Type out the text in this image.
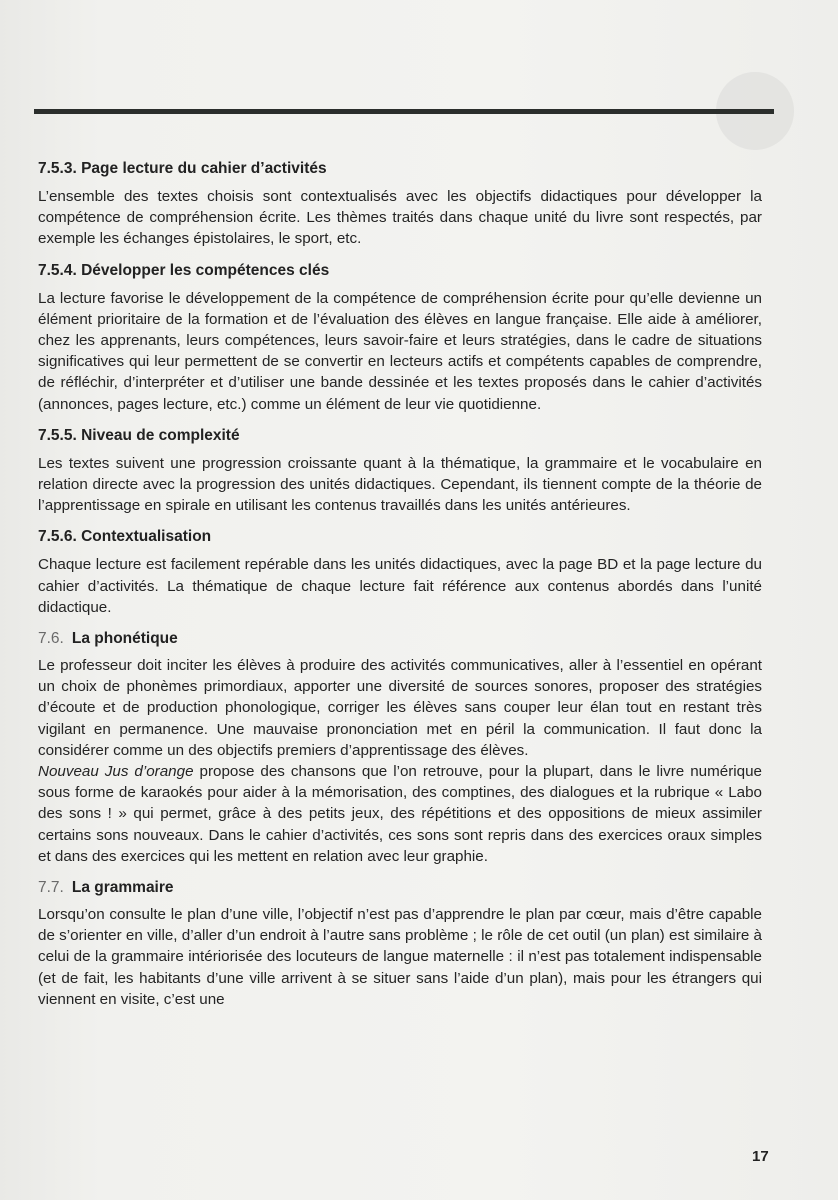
7.5.3. Page lecture du cahier d’activités

L’ensemble des textes choisis sont contextualisés avec les objectifs didactiques pour développer la compétence de compréhension écrite. Les thèmes traités dans chaque unité du livre sont respectés, par exemple les échanges épistolaires, le sport, etc.

7.5.4. Développer les compétences clés

La lecture favorise le développement de la compétence de compréhension écrite pour qu’elle devienne un élément prioritaire de la formation et de l’évaluation des élèves en langue française. Elle aide à améliorer, chez les apprenants, leurs compétences, leurs savoir-faire et leurs stratégies, dans le cadre de situations significatives qui leur permettent de se convertir en lecteurs actifs et compétents capables de comprendre, de réfléchir, d’interpréter et d’utiliser une bande dessinée et les textes proposés dans le cahier d’activités (annonces, pages lecture, etc.) comme un élément de leur vie quotidienne.

7.5.5. Niveau de complexité

Les textes suivent une progression croissante quant à la thématique, la grammaire et le vocabulaire en relation directe avec la progression des unités didactiques. Cependant, ils tiennent compte de la théorie de l’apprentissage en spirale en utilisant les contenus travaillés dans les unités antérieures.

7.5.6. Contextualisation

Chaque lecture est facilement repérable dans les unités didactiques, avec la page BD et la page lecture du cahier d’activités. La thématique de chaque lecture fait référence aux contenus abordés dans l’unité didactique.

7.6. La phonétique

Le professeur doit inciter les élèves à produire des activités communicatives, aller à l’essentiel en opérant un choix de phonèmes primordiaux, apporter une diversité de sources sonores, proposer des stratégies d’écoute et de production phonologique, corriger les élèves sans couper leur élan tout en restant très vigilant en permanence. Une mauvaise prononciation met en péril la communication. Il faut donc la considérer comme un des objectifs premiers d’apprentissage des élèves.

Nouveau Jus d’orange propose des chansons que l’on retrouve, pour la plupart, dans le livre numérique sous forme de karaokés pour aider à la mémorisation, des comptines, des dialogues et la rubrique « Labo des sons ! » qui permet, grâce à des petits jeux, des répétitions et des oppositions de mieux assimiler certains sons nouveaux. Dans le cahier d’activités, ces sons sont repris dans des exercices oraux simples et dans des exercices qui les mettent en relation avec leur graphie.

7.7. La grammaire

Lorsqu’on consulte le plan d’une ville, l’objectif n’est pas d’apprendre le plan par cœur, mais d’être capable de s’orienter en ville, d’aller d’un endroit à l’autre sans problème ; le rôle de cet outil (un plan) est similaire à celui de la grammaire intériorisée des locuteurs de langue maternelle : il n’est pas totalement indispensable (et de fait, les habitants d’une ville arrivent à se situer sans l’aide d’un plan), mais pour les étrangers qui viennent en visite, c’est une

17
